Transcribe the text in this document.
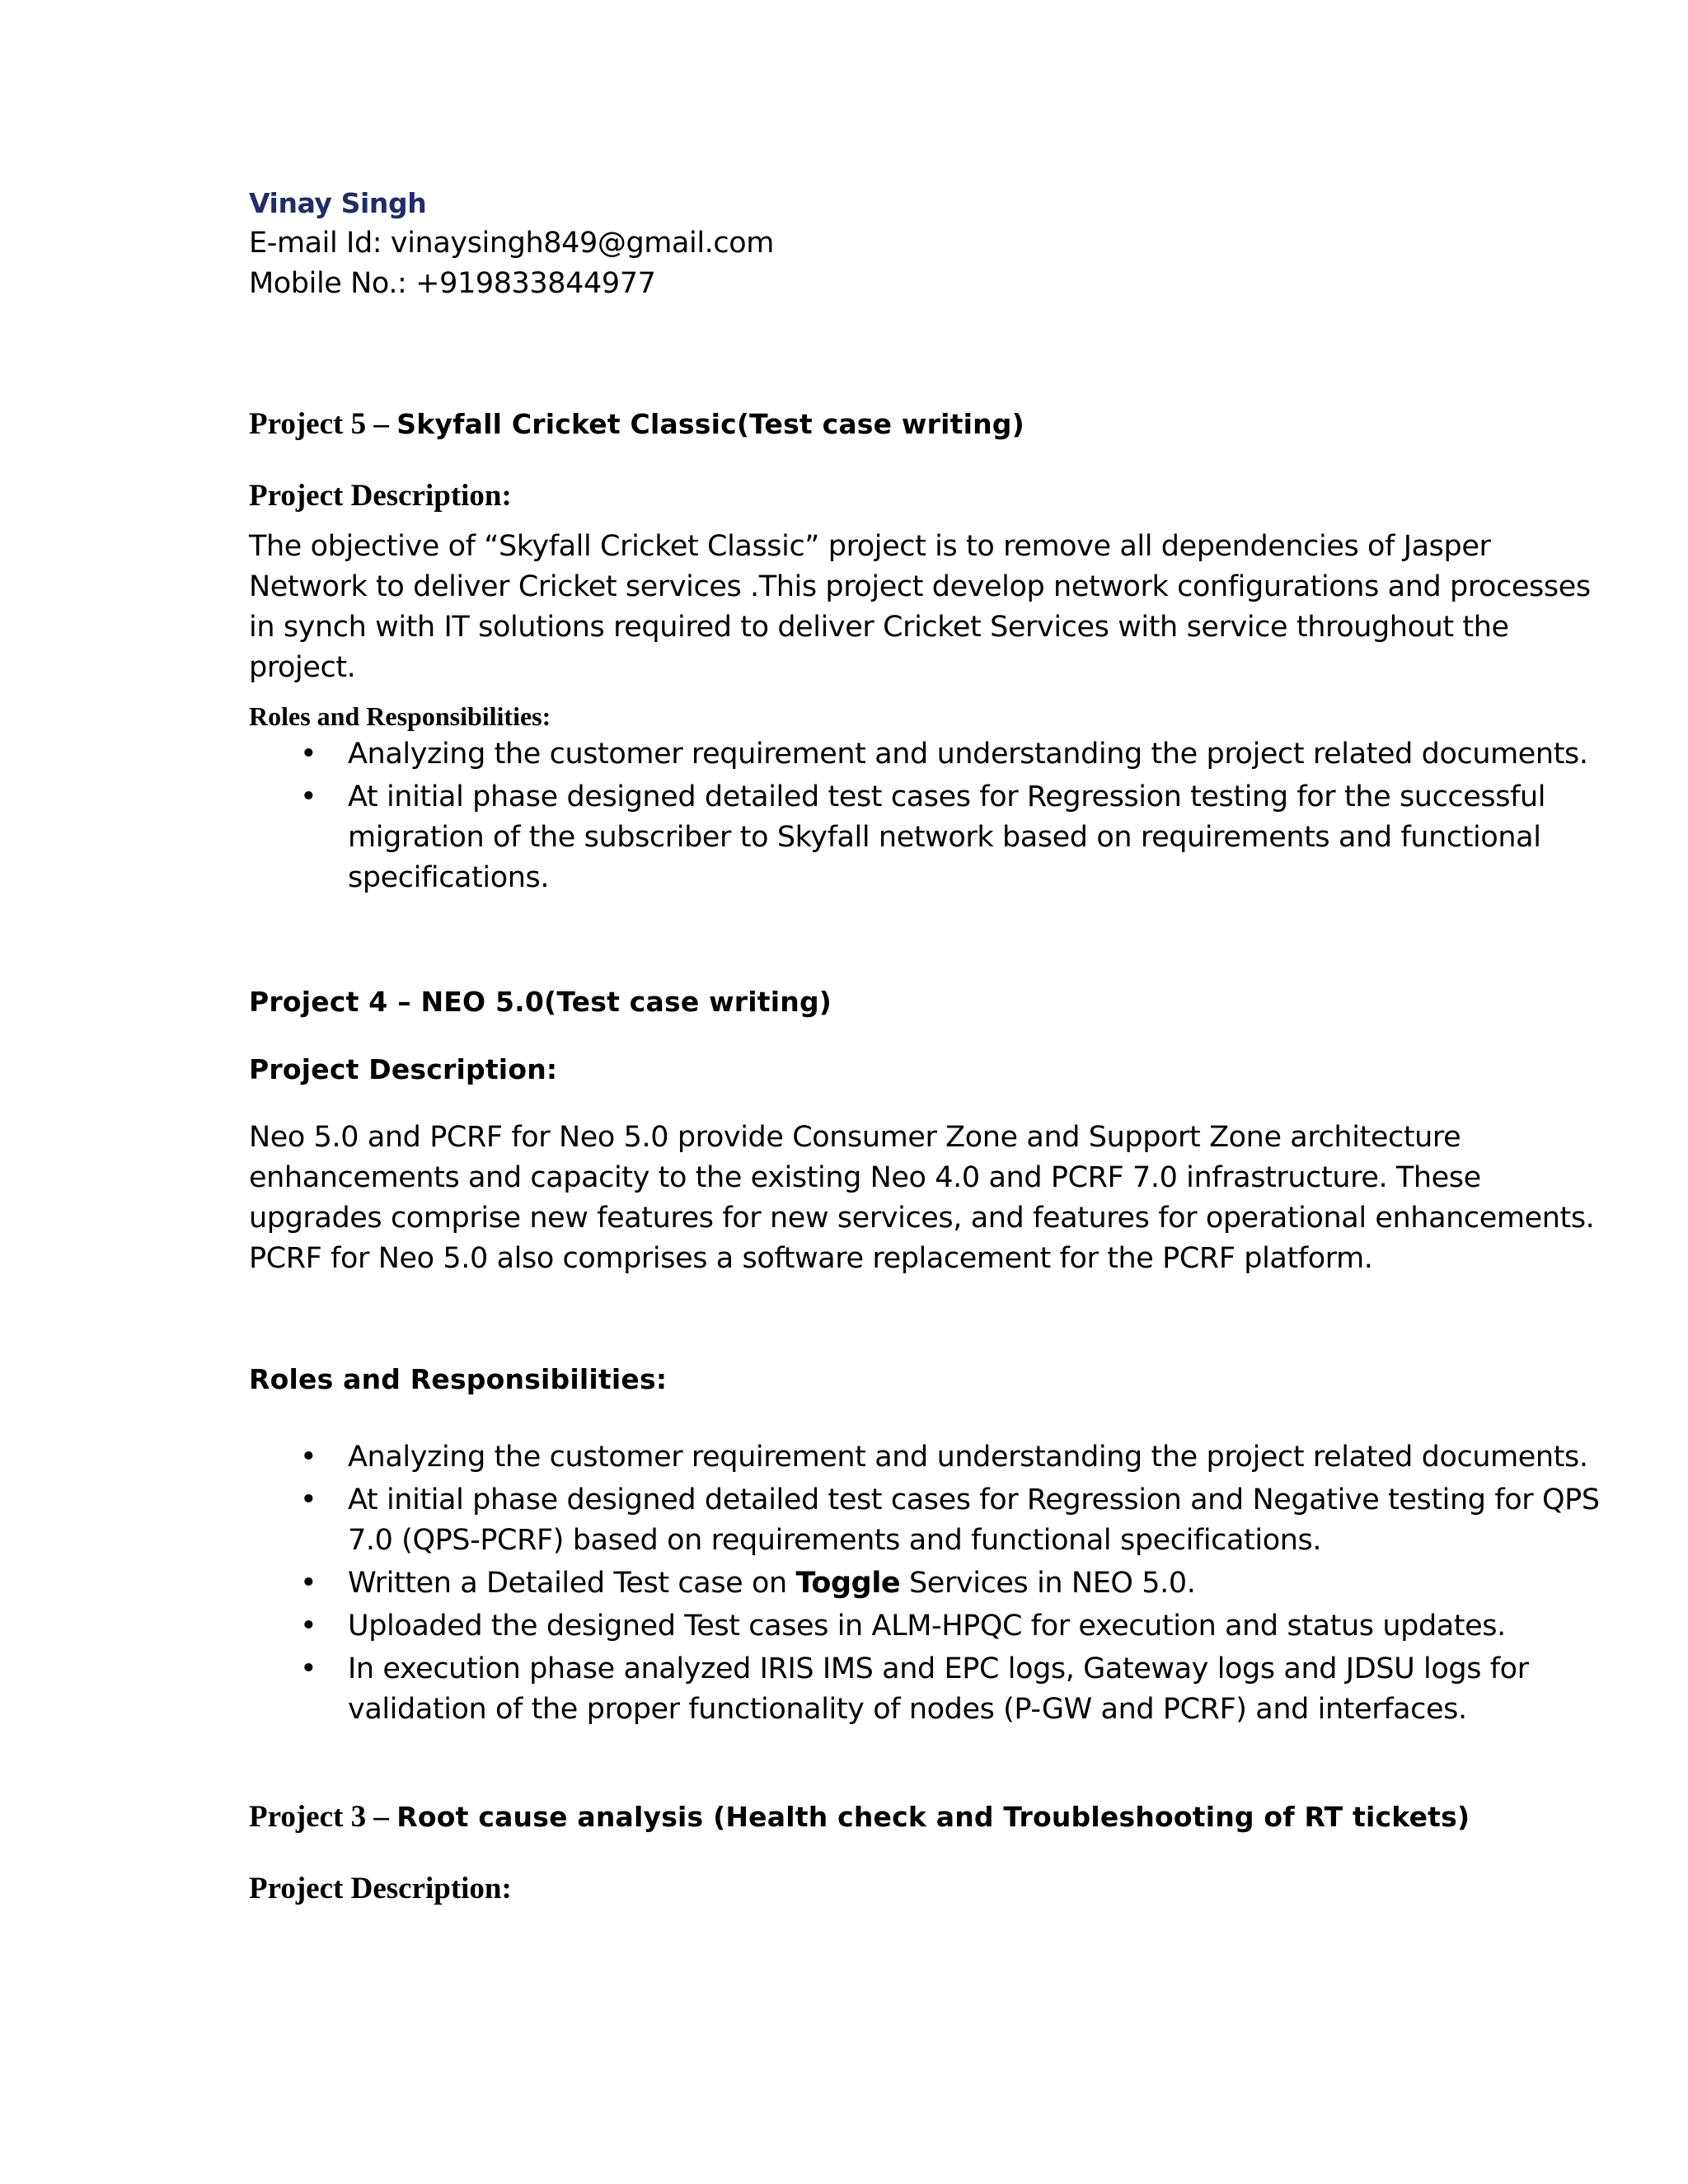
Vinay Singh

E-mail Id: vinaysingh849@gmail.com

Mobile No.: +919833844977

Project 5 – Skyfall Cricket Classic(Test case writing)

Project Description:

The objective of “Skyfall Cricket Classic” project is to remove all dependencies of Jasper Network to deliver Cricket services .This project develop network configurations and processes in synch with IT solutions required to deliver Cricket Services with service throughout the project.

Roles and Responsibilities:

• Analyzing the customer requirement and understanding the project related documents.
• At initial phase designed detailed test cases for Regression testing for the successful migration of the subscriber to Skyfall network based on requirements and functional specifications.

Project 4 – NEO 5.0(Test case writing)

Project Description:

Neo 5.0 and PCRF for Neo 5.0 provide Consumer Zone and Support Zone architecture enhancements and capacity to the existing Neo 4.0 and PCRF 7.0 infrastructure. These upgrades comprise new features for new services, and features for operational enhancements. PCRF for Neo 5.0 also comprises a software replacement for the PCRF platform.

Roles and Responsibilities:

• Analyzing the customer requirement and understanding the project related documents.
• At initial phase designed detailed test cases for Regression and Negative testing for QPS 7.0 (QPS-PCRF) based on requirements and functional specifications.
• Written a Detailed Test case on Toggle Services in NEO 5.0.
• Uploaded the designed Test cases in ALM-HPQC for execution and status updates.
• In execution phase analyzed IRIS IMS and EPC logs, Gateway logs and JDSU logs for validation of the proper functionality of nodes (P-GW and PCRF) and interfaces.

Project 3 – Root cause analysis (Health check and Troubleshooting of RT tickets)

Project Description:
